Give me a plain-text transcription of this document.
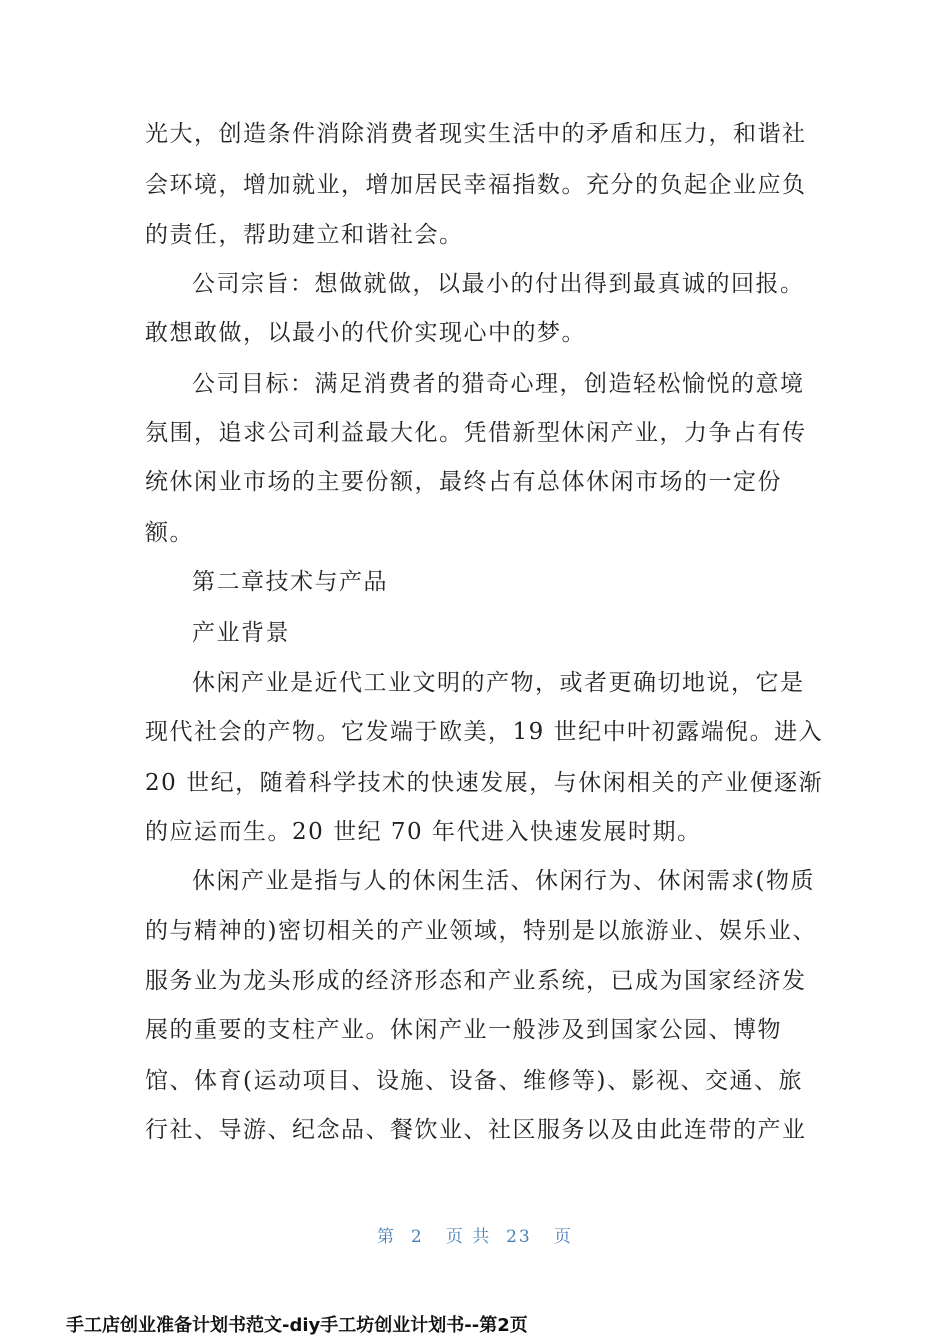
光大，创造条件消除消费者现实生活中的矛盾和压力，和谐社
会环境，增加就业，增加居民幸福指数。充分的负起企业应负
的责任，帮助建立和谐社会。
公司宗旨：想做就做，以最小的付出得到最真诚的回报。
敢想敢做，以最小的代价实现心中的梦。
公司目标：满足消费者的猎奇心理，创造轻松愉悦的意境
氛围，追求公司利益最大化。凭借新型休闲产业，力争占有传
统休闲业市场的主要份额，最终占有总体休闲市场的一定份
额。
第二章技术与产品
产业背景
休闲产业是近代工业文明的产物，或者更确切地说，它是
现代社会的产物。它发端于欧美，19 世纪中叶初露端倪。进入
20 世纪，随着科学技术的快速发展，与休闲相关的产业便逐渐
的应运而生。20 世纪 70 年代进入快速发展时期。
休闲产业是指与人的休闲生活、休闲行为、休闲需求(物质
的与精神的)密切相关的产业领域，特别是以旅游业、娱乐业、
服务业为龙头形成的经济形态和产业系统，已成为国家经济发
展的重要的支柱产业。休闲产业一般涉及到国家公园、博物
馆、体育(运动项目、设施、设备、维修等)、影视、交通、旅
行社、导游、纪念品、餐饮业、社区服务以及由此连带的产业
第  2   页 共  23   页
手工店创业准备计划书范文-diy手工坊创业计划书--第2页
